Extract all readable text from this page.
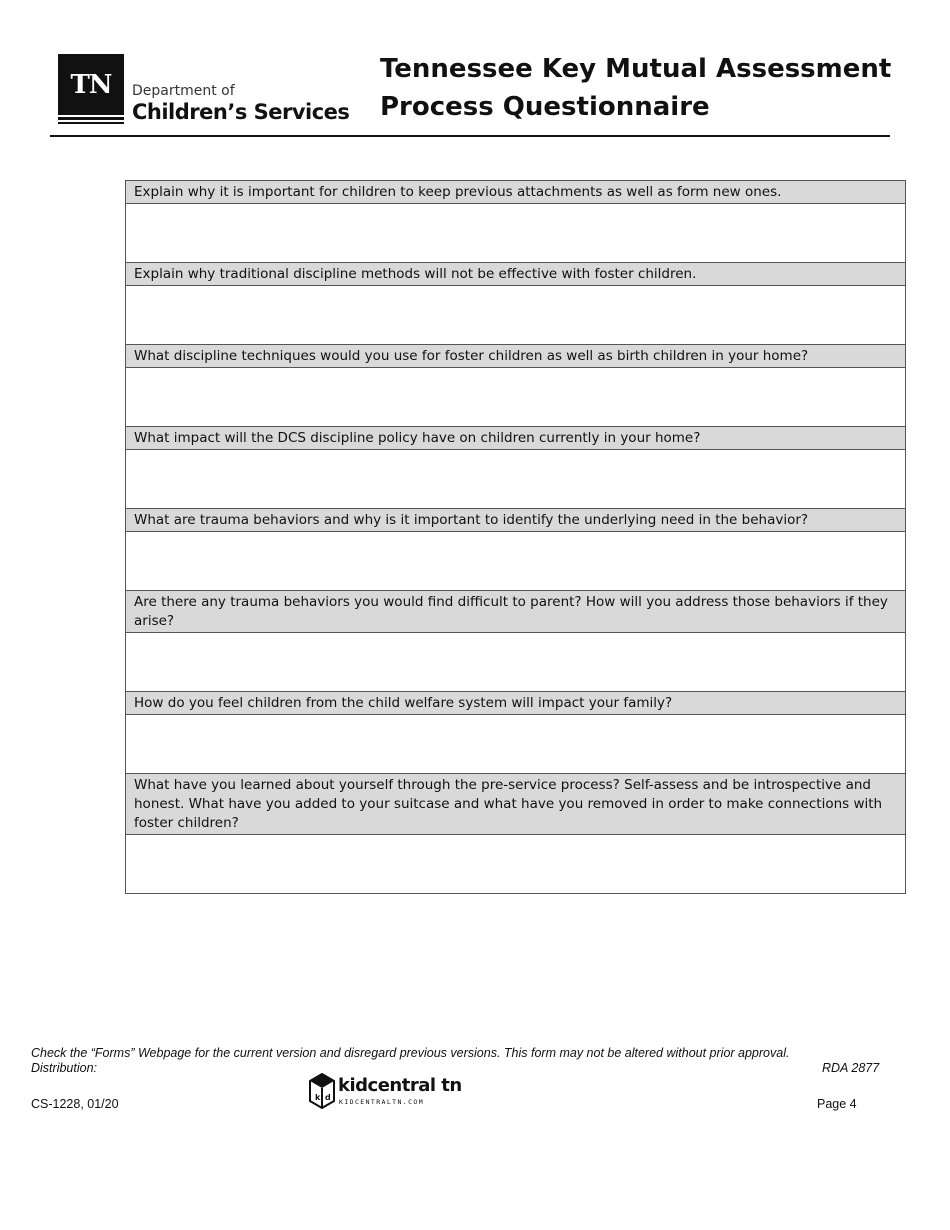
TN	Department of
Children’s Services
Tennessee Key Mutual Assessment
Process Questionnaire
Explain why it is important for children to keep previous attachments as well as form new ones.
Explain why traditional discipline methods will not be effective with foster children.
What discipline techniques would you use for foster children as well as birth children in your home?
What impact will the DCS discipline policy have on children currently in your home?
What are trauma behaviors and why is it important to identify the underlying need in the behavior?
Are there any trauma behaviors you would find difficult to parent? How will you address those behaviors if they arise?
How do you feel children from the child welfare system will impact your family?
What have you learned about yourself through the pre-service process? Self-assess and be introspective and honest. What have you added to your suitcase and what have you removed in order to make connections with foster children?
Check the “Forms” Webpage for the current version and disregard previous versions. This form may not be altered without prior approval.
Distribution:	RDA 2877
CS-1228, 01/20	Page 4
k d
kidcentral tn
KIDCENTRALTN.COM
